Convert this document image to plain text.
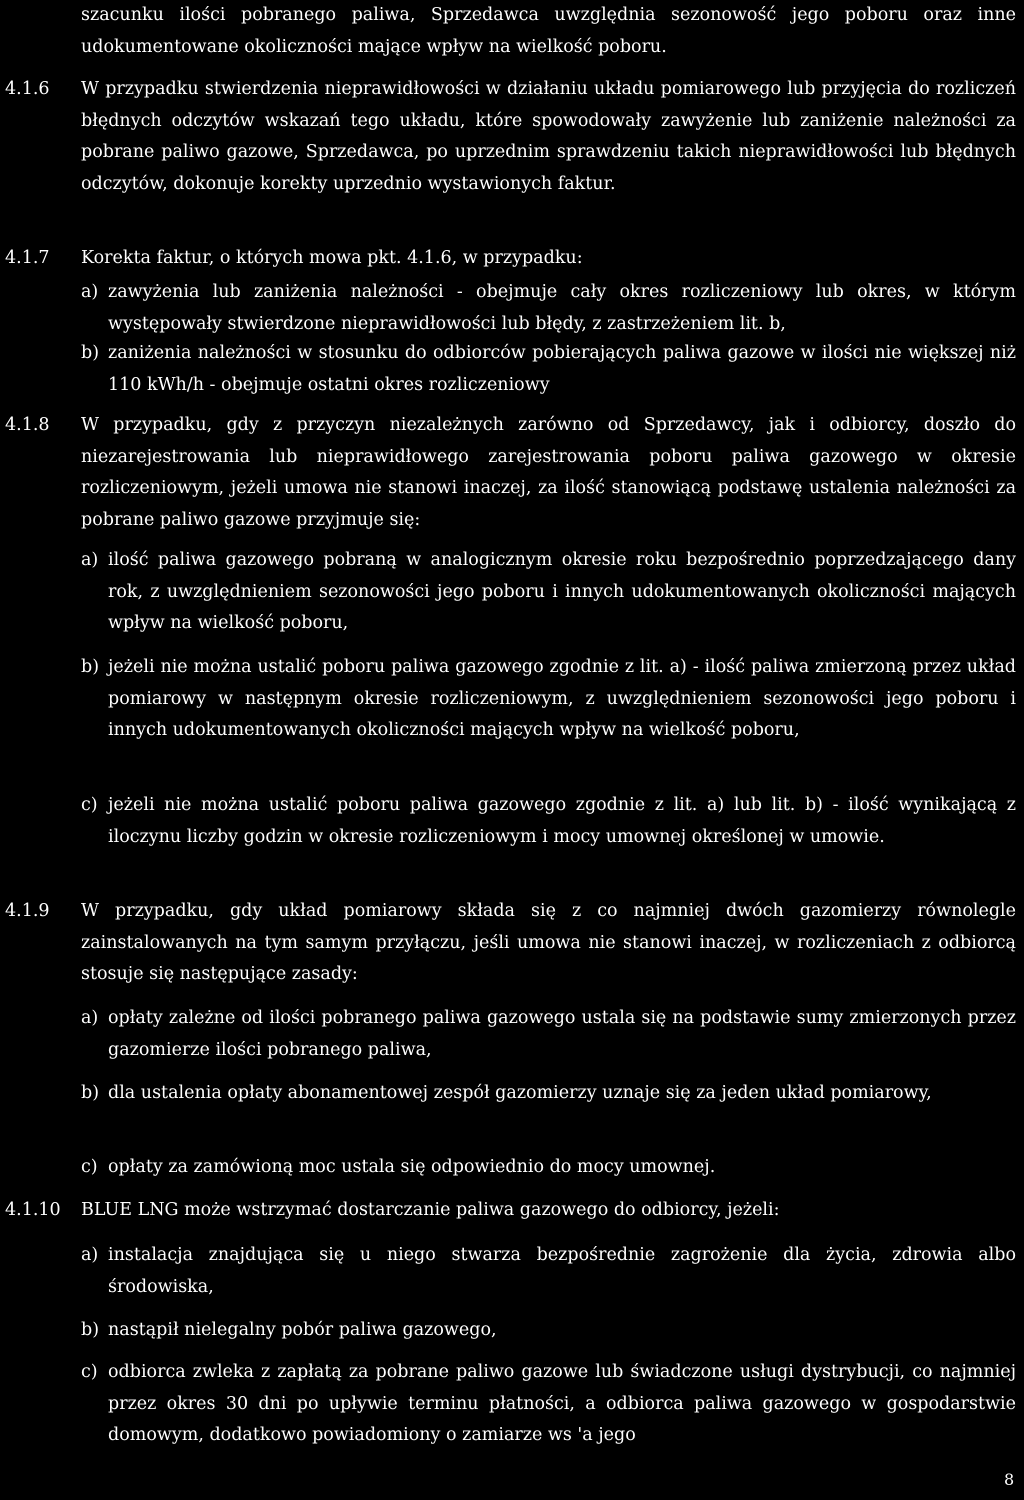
szacunku ilości pobranego paliwa, Sprzedawca uwzględnia sezonowość jego poboru oraz inne udokumentowane okoliczności mające wpływ na wielkość poboru.
4.1.6	W przypadku stwierdzenia nieprawidłowości w działaniu układu pomiarowego lub przyjęcia do rozliczeń błędnych odczytów wskazań tego układu, które spowodowały zawyżenie lub zaniżenie należności za pobrane paliwo gazowe, Sprzedawca, po uprzednim sprawdzeniu takich nieprawidłowości lub błędnych odczytów, dokonuje korekty uprzednio wystawionych faktur.
4.1.7	Korekta faktur, o których mowa pkt. 4.1.6, w przypadku:
a) zawyżenia lub zaniżenia należności - obejmuje cały okres rozliczeniowy lub okres, w którym występowały stwierdzone nieprawidłowości lub błędy, z zastrzeżeniem lit. b,
b) zaniżenia należności w stosunku do odbiorców pobierających paliwa gazowe w ilości nie większej niż 110 kWh/h - obejmuje ostatni okres rozliczeniowy
4.1.8	W przypadku, gdy z przyczyn niezależnych zarówno od Sprzedawcy, jak i odbiorcy, doszło do niezarejestrowania lub nieprawidłowego zarejestrowania poboru paliwa gazowego w okresie rozliczeniowym, jeżeli umowa nie stanowi inaczej, za ilość stanowiącą podstawę ustalenia należności za pobrane paliwo gazowe przyjmuje się:
a) ilość paliwa gazowego pobraną w analogicznym okresie roku bezpośrednio poprzedzającego dany rok, z uwzględnieniem sezonowości jego poboru i innych udokumentowanych okoliczności mających wpływ na wielkość poboru,
b) jeżeli nie można ustalić poboru paliwa gazowego zgodnie z lit. a) - ilość paliwa zmierzoną przez układ pomiarowy w następnym okresie rozliczeniowym, z uwzględnieniem sezonowości jego poboru i innych udokumentowanych okoliczności mających wpływ na wielkość poboru,
c) jeżeli nie można ustalić poboru paliwa gazowego zgodnie z lit. a) lub lit. b) - ilość wynikającą z iloczynu liczby godzin w okresie rozliczeniowym i mocy umownej określonej w umowie.
4.1.9	W przypadku, gdy układ pomiarowy składa się z co najmniej dwóch gazomierzy równolegle zainstalowanych na tym samym przyłączu, jeśli umowa nie stanowi inaczej, w rozliczeniach z odbiorcą stosuje się następujące zasady:
a) opłaty zależne od ilości pobranego paliwa gazowego ustala się na podstawie sumy zmierzonych przez gazomierze ilości pobranego paliwa,
b) dla ustalenia opłaty abonamentowej zespół gazomierzy uznaje się za jeden układ pomiarowy,
c) opłaty za zamówioną moc ustala się odpowiednio do mocy umownej.
4.1.10	BLUE LNG może wstrzymać dostarczanie paliwa gazowego do odbiorcy, jeżeli:
a) instalacja znajdująca się u niego stwarza bezpośrednie zagrożenie dla życia, zdrowia albo środowiska,
b) nastąpił nielegalny pobór paliwa gazowego,
c) odbiorca zwleka z zapłatą za pobrane paliwo gazowe lub świadczone usługi dystrybucji, co najmniej przez okres 30 dni po upływie terminu płatności, a odbiorca paliwa gazowego w gospodarstwie domowym, dodatkowo powiadomiony o zamiarze ws 'a jego
8
